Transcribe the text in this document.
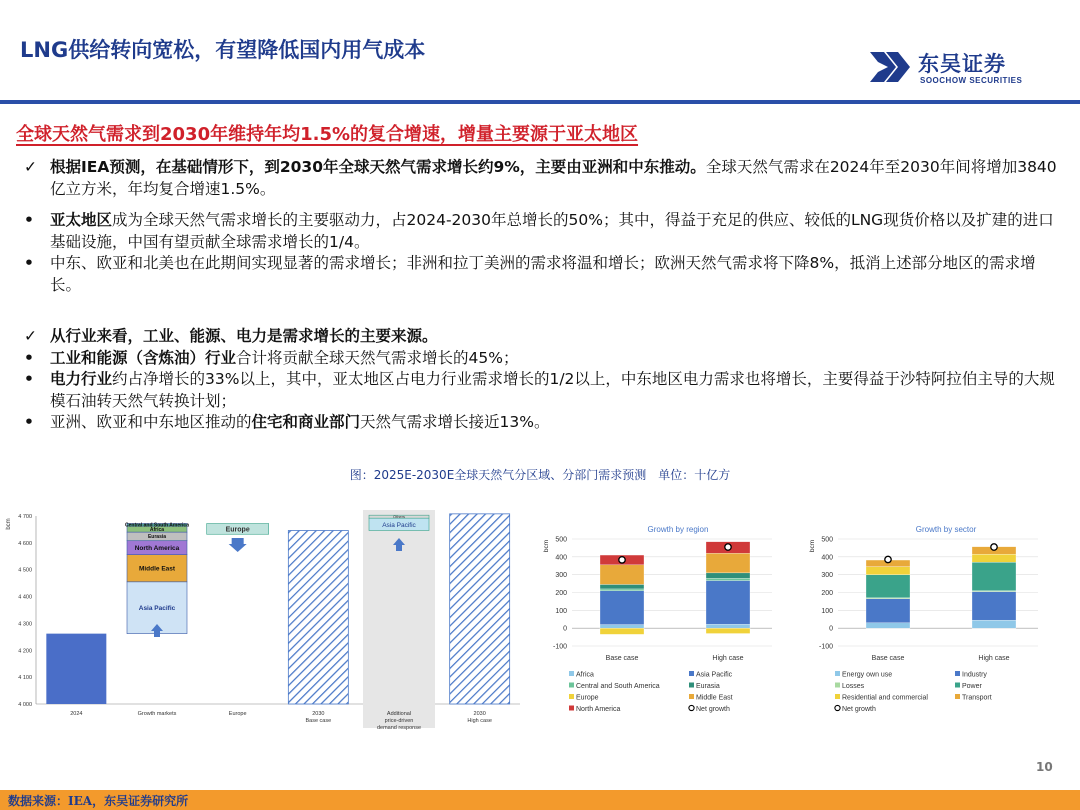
LNG供给转向宽松，有望降低国内用气成本
东吴证券
SOOCHOW SECURITIES
全球天然气需求到2030年维持年均1.5%的复合增速，增量主要源于亚太地区
✓ 根据IEA预测，在基础情形下，到2030年全球天然气需求增长约9%，主要由亚洲和中东推动。全球天然气需求在2024年至2030年间将增加3840亿立方米，年均复合增速1.5%。
•	亚太地区成为全球天然气需求增长的主要驱动力，占2024-2030年总增长的50%；其中，得益于充足的供应、较低的LNG现货价格以及扩建的进口基础设施，中国有望贡献全球需求增长的1/4。
•	中东、欧亚和北美也在此期间实现显著的需求增长；非洲和拉丁美洲的需求将温和增长；欧洲天然气需求将下降8%，抵消上述部分地区的需求增长。
✓ 从行业来看，工业、能源、电力是需求增长的主要来源。
•	工业和能源（含炼油）行业合计将贡献全球天然气需求增长的45%；
•	电力行业约占净增长的33%以上，其中，亚太地区占电力行业需求增长的1/2以上，中东地区电力需求也将增长，主要得益于沙特阿拉伯主导的大规模石油转天然气转换计划；
•	亚洲、欧亚和中东地区推动的住宅和商业部门天然气需求增长接近13%。
图：2025E-2030E全球天然气分区域、分部门需求预测　单位：十亿方
4 000
4 100
4 200
4 300
4 400
4 500
4 600
4 700
bcm
2024	Growth markets	Europe	2030
Base case
Additional
price-driven
demand response
2030
High case
Asia Pacific
Middle East
North America
Eurasia
Africa
Central and South America
Europe
Asia Pacific
Others
Growth by region
bcm
-100
0
100
200
300
400
500
Base case	High case
Africa	Asia Pacific
Central and South America	Eurasia
Europe	Middle East
North America	Net growth
Growth by sector
bcm
-100
0
100
200
300
400
500
Base case	High case
Energy own use	Industry
Losses	Power
Residential and commercial	Transport
Net growth
10
数据来源：IEA，东吴证券研究所
